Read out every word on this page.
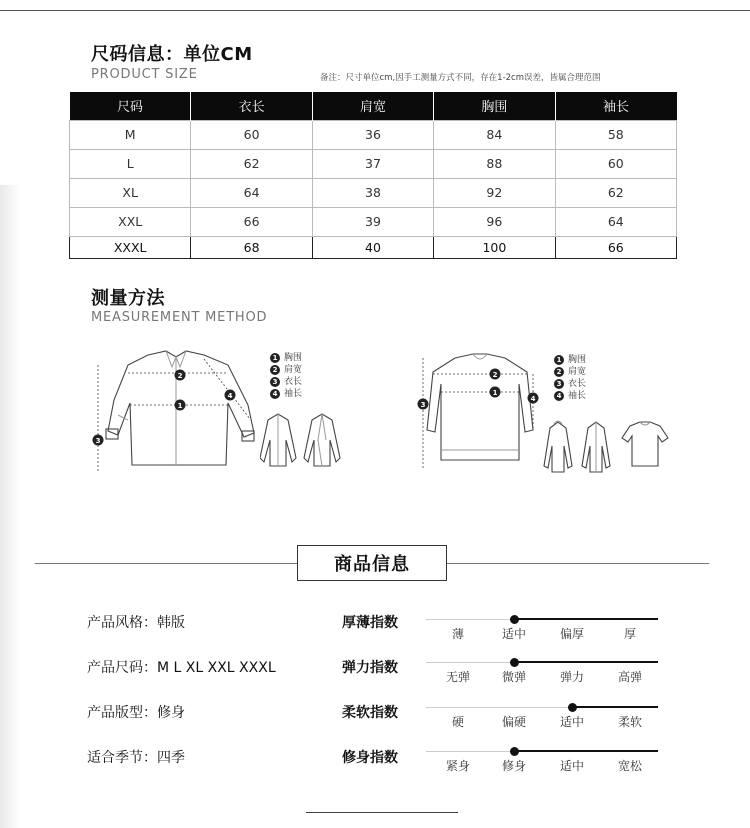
尺码信息：单位CM
PRODUCT SIZE	备注：尺寸单位cm,因手工测量方式不同，存在1-2cm误差，皆属合理范围
尺码	衣长	肩宽	胸围	袖长
M	60	36	84	58
L	62	37	88	60
XL	64	38	92	62
XXL	66	39	96	64
XXXL	68	40	100	66
测量方法
MEASUREMENT METHOD
1
2
3
4
1 胸围
2 肩宽
3 衣长
4 袖长	1
2
3
4
1 胸围
2 肩宽
3 衣长
4 袖长
商品信息
产品风格：韩版
产品尺码：M L XL XXL XXXL
产品版型：修身
适合季节：四季
厚薄指数
弹力指数
柔软指数
修身指数
薄	适中	偏厚	厚
无弹	微弹	弹力	高弹
硬	偏硬	适中	柔软
紧身	修身	适中	宽松
